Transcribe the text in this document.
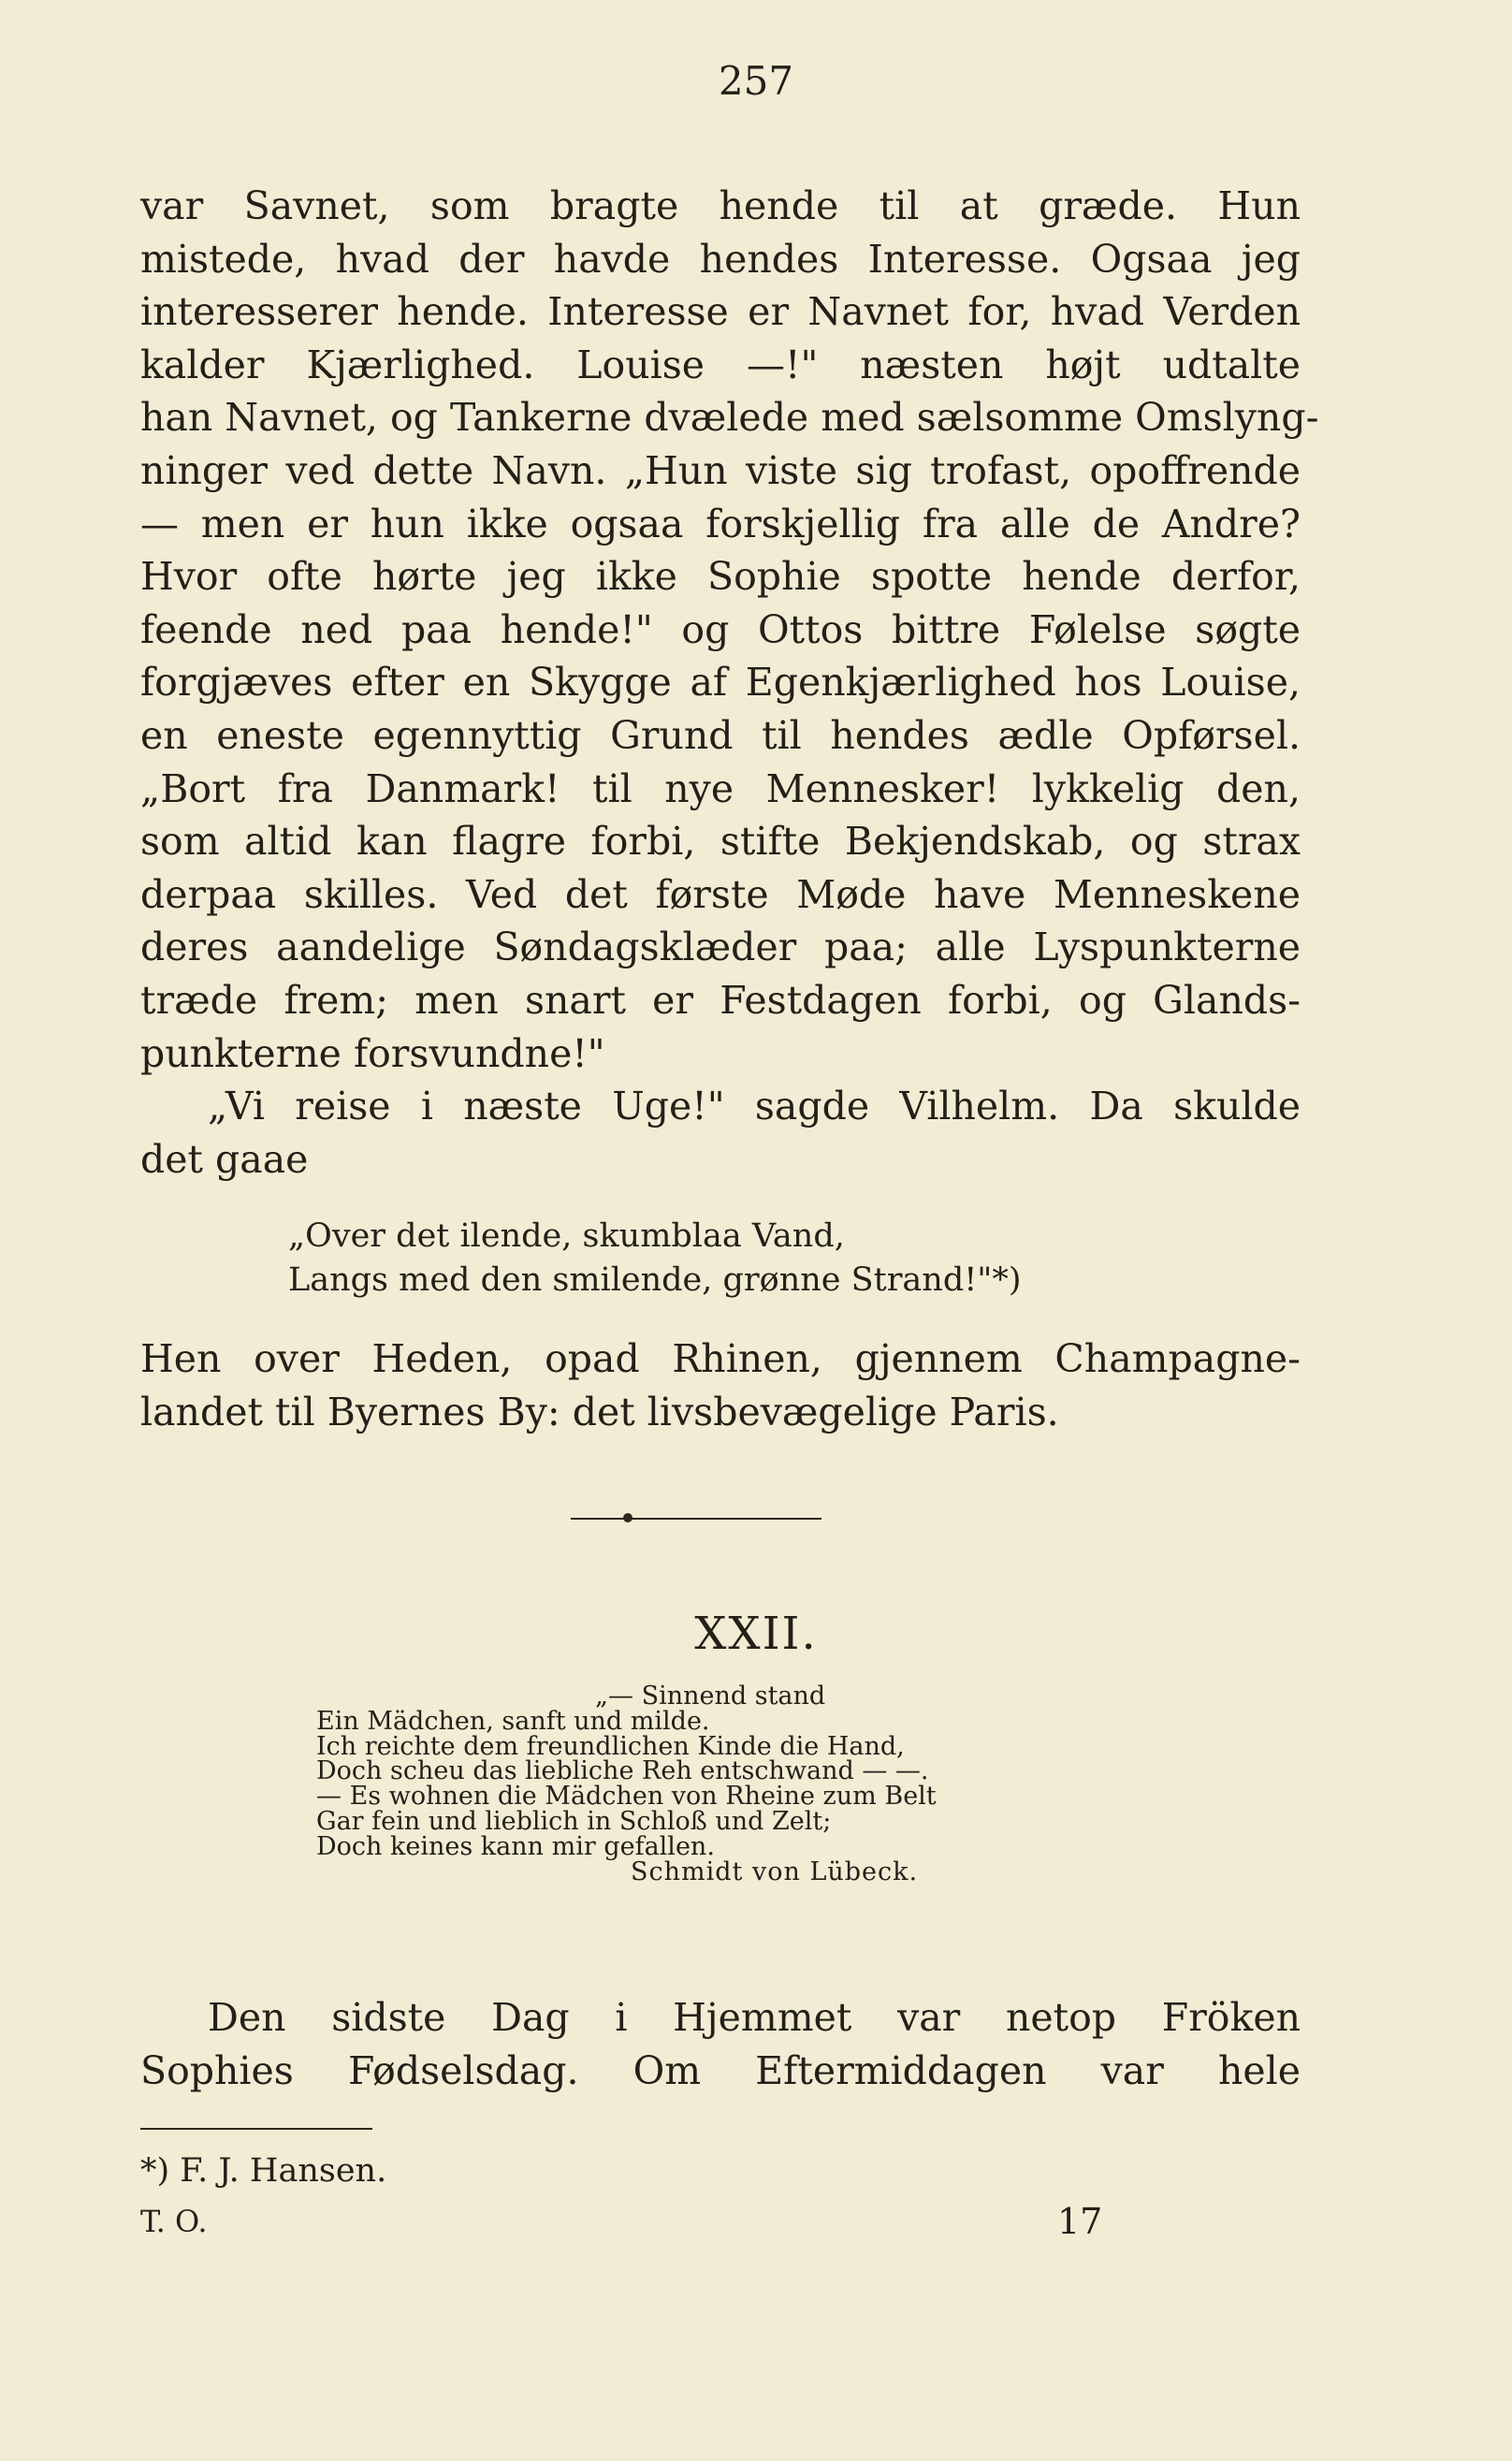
257
var Savnet, som bragte hende til at græde. Hun
mistede, hvad der havde hendes Interesse. Ogsaa jeg
interesserer hende. Interesse er Navnet for, hvad Verden
kalder Kjærlighed. Louise —!" næsten højt udtalte
han Navnet, og Tankerne dvælede med sælsomme Omslyng-
ninger ved dette Navn. „Hun viste sig trofast, opoffrende
— men er hun ikke ogsaa forskjellig fra alle de Andre?
Hvor ofte hørte jeg ikke Sophie spotte hende derfor,
feende ned paa hende!" og Ottos bittre Følelse søgte
forgjæves efter en Skygge af Egenkjærlighed hos Louise,
en eneste egennyttig Grund til hendes ædle Opførsel.
„Bort fra Danmark! til nye Mennesker! lykkelig den,
som altid kan flagre forbi, stifte Bekjendskab, og strax
derpaa skilles. Ved det første Møde have Menneskene
deres aandelige Søndagsklæder paa; alle Lyspunkterne
træde frem; men snart er Festdagen forbi, og Glands-
punkterne forsvundne!"
„Vi reise i næste Uge!" sagde Vilhelm. Da skulde
det gaae
„Over det ilende, skumblaa Vand,
Langs med den smilende, grønne Strand!"*)
Hen over Heden, opad Rhinen, gjennem Champagne-
landet til Byernes By: det livsbevægelige Paris.
XXII.
„— Sinnend stand
Ein Mädchen, sanft und milde.
Ich reichte dem freundlichen Kinde die Hand,
Doch scheu das liebliche Reh entschwand — —.
— Es wohnen die Mädchen von Rheine zum Belt
Gar fein und lieblich in Schloß und Zelt;
Doch keines kann mir gefallen.
Schmidt von Lübeck.
Den sidste Dag i Hjemmet var netop Fröken
Sophies Fødselsdag. Om Eftermiddagen var hele
*) F. J. Hansen.
T. O.	17
